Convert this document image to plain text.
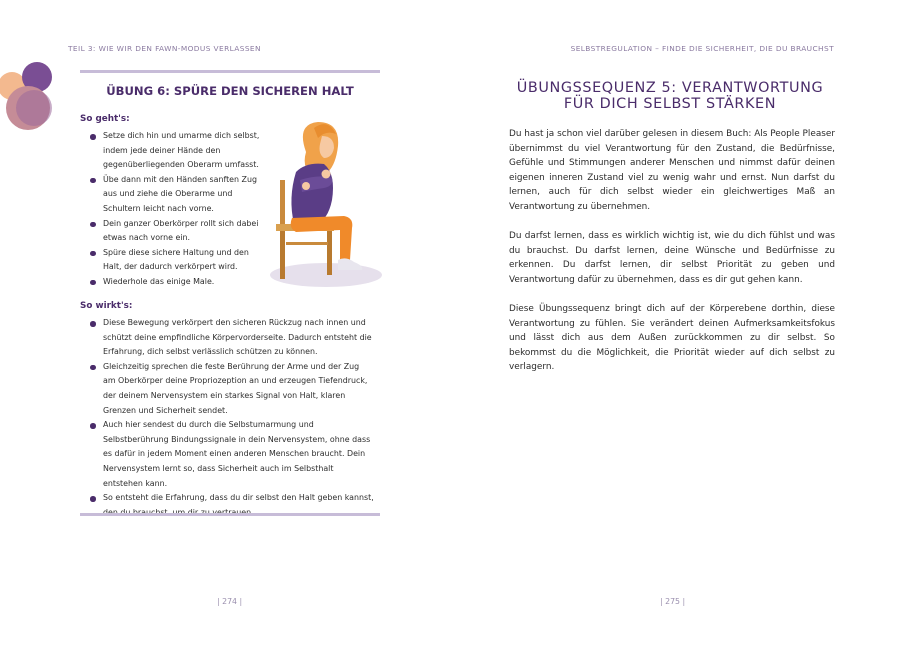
TEIL 3: WIE WIR DEN FAWN-MODUS VERLASSEN
ÜBUNG 6: SPÜRE DEN SICHEREN HALT
So geht's:
Setze dich hin und umarme dich selbst, indem jede deiner Hände den gegenüberliegenden Oberarm umfasst.
Übe dann mit den Händen sanften Zug aus und ziehe die Oberarme und Schultern leicht nach vorne.
Dein ganzer Oberkörper rollt sich dabei etwas nach vorne ein.
Spüre diese sichere Haltung und den Halt, der dadurch verkörpert wird.
Wiederhole das einige Male.
So wirkt's:
Diese Bewegung verkörpert den sicheren Rückzug nach innen und schützt deine empfindliche Körpervorderseite. Dadurch entsteht die Erfahrung, dich selbst verlässlich schützen zu können.
Gleichzeitig sprechen die feste Berührung der Arme und der Zug am Oberkörper deine Propriozeption an und erzeugen Tiefendruck, der deinem Nervensystem ein starkes Signal von Halt, klaren Grenzen und Sicherheit sendet.
Auch hier sendest du durch die Selbstumarmung und Selbstberührung Bindungssignale in dein Nervensystem, ohne dass es dafür in jedem Moment einen anderen Menschen braucht. Dein Nervensystem lernt so, dass Sicherheit auch im Selbsthalt entstehen kann.
So entsteht die Erfahrung, dass du dir selbst den Halt geben kannst,
| 274 |
SELBSTREGULATION – FINDE DIE SICHERHEIT, DIE DU BRAUCHST
ÜBUNGSSEQUENZ 5: VERANTWORTUNG
FÜR DICH SELBST STÄRKEN

Du hast ja schon viel darüber gelesen in diesem Buch: Als People Pleaser übernimmst du viel Verantwortung für den Zustand, die Bedürfnisse, Gefühle und Stimmungen anderer Menschen und nimmst dafür deinen eigenen inneren Zustand viel zu wenig wahr und ernst. Nun darfst du lernen, auch für dich selbst wieder ein gleichwertiges Maß an Verantwortung zu übernehmen.

Du darfst lernen, dass es wirklich wichtig ist, wie du dich fühlst und was du brauchst. Du darfst lernen, deine Wünsche und Bedürfnisse zu erkennen. Du darfst lernen, dir selbst Priorität zu geben und Verantwortung dafür zu übernehmen, dass es dir gut gehen kann.

Diese Übungssequenz bringt dich auf der Körperebene dorthin, diese Verantwortung zu fühlen. Sie verändert deinen Aufmerksamkeitsfokus und lässt dich aus dem Außen zurückkommen zu dir selbst. So bekommst du die Möglichkeit, die Priorität wieder auf dich selbst zu verlagern.

| 275 |
